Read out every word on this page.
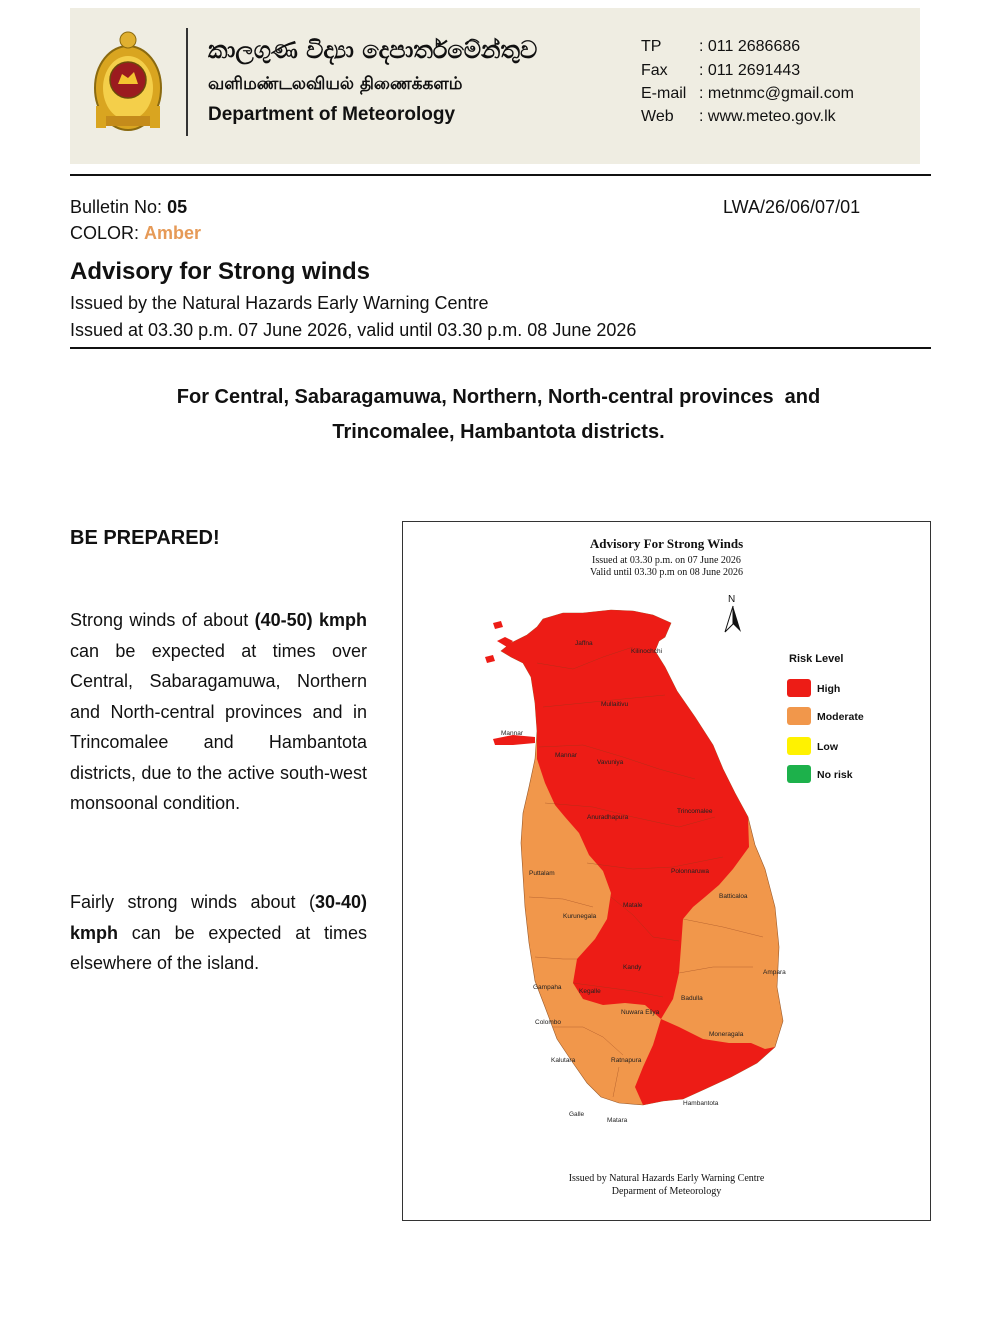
කාලගුණ විද්‍යා දෙපාර්තමේන්තුව
வளிமண்டலவியல் திணைக்களம்
Department of Meteorology
TP : 011 2686686
Fax : 011 2691443
E-mail : metnmc@gmail.com
Web : www.meteo.gov.lk
Bulletin No: 05	LWA/26/06/07/01
COLOR: Amber
Advisory for Strong winds
Issued by the Natural Hazards Early Warning Centre
Issued at 03.30 p.m. 07 June 2026, valid until 03.30 p.m. 08 June 2026
For Central, Sabaragamuwa, Northern, North-central provinces  and
Trincomalee, Hambantota districts.
BE PREPARED!
Strong winds of about (40-50) kmph can be expected at times over Central, Sabaragamuwa, Northern and North-central provinces and in Trincomalee and Hambantota districts, due to the active south-west monsoonal condition.
Fairly strong winds about (30-40) kmph can be expected at times elsewhere of the island.
Advisory For Strong Winds
Issued at 03.30 p.m. on 07 June 2026
Valid until 03.30 p.m on 08 June 2026
N
Risk Level
High
Moderate
Low
No risk
Jaffna
Kilinochchi
Mullaitivu
Mannar
Mannar
Vavuniya
Anuradhapura
Trincomalee
Puttalam	Polonnaruwa
Kurunegala
Matale
Batticaloa
Kandy
Ampara
Gampaha
Kegalle
Badulla
Nuwara Eliya
Colombo
Moneragala
Kalutara	Ratnapura
Hambantota
Galle
Matara
Issued by Natural Hazards Early Warning Centre
Deparment of Meteorology
